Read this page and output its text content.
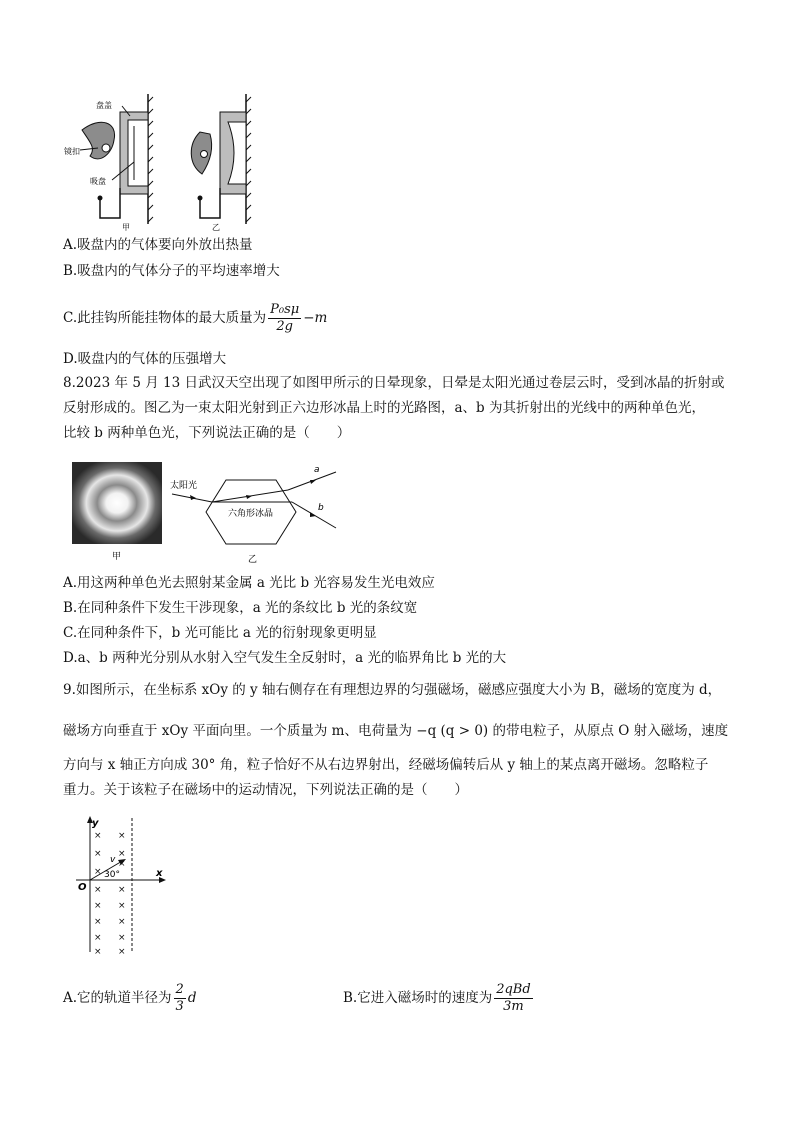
盘盖
镜扣
吸盘
甲	乙
A.吸盘内的气体要向外放出热量
B.吸盘内的气体分子的平均速率增大
C.此挂钩所能挂物体的最大质量为 $\frac{\text{P₀sμ}}{2g} -m$
D.吸盘内的气体的压强增大
8.2023 年 5 月 13 日武汉天空出现了如图甲所示的日晕现象，日晕是太阳光通过卷层云时，受到冰晶的折射或
反射形成的。图乙为一束太阳光射到正六边形冰晶上时的光路图，a、b 为其折射出的光线中的两种单色光，
比较 b 两种单色光，下列说法正确的是（　　）
甲
太阳光
六角形冰晶
a
b
乙
A.用这两种单色光去照射某金属 a 光比 b 光容易发生光电效应
B.在同种条件下发生干涉现象，a 光的条纹比 b 光的条纹宽
C.在同种条件下，b 光可能比 a 光的衍射现象更明显
D.a、b 两种光分别从水射入空气发生全反射时，a 光的临界角比 b 光的大
9.如图所示，在坐标系 xOy 的 y 轴右侧存在有理想边界的匀强磁场，磁感应强度大小为 B，磁场的宽度为 d，
磁场方向垂直于 xOy 平面向里。一个质量为 m、电荷量为 −q (q > 0) 的带电粒子，从原点 O 射入磁场，速度
方向与 x 轴正方向成 30° 角，粒子恰好不从右边界射出，经磁场偏转后从 y 轴上的某点离开磁场。忽略粒子
重力。关于该粒子在磁场中的运动情况，下列说法正确的是（　　）
× ×
× ×
×
×
× ×
× ×
× ×
× ×
× ×
y
x
O
v
30°
A.它的轨道半径为 $\frac{2}{3}$ d	B.它进入磁场时的速度为 $\frac{\text{2qBd}}{3m}$
